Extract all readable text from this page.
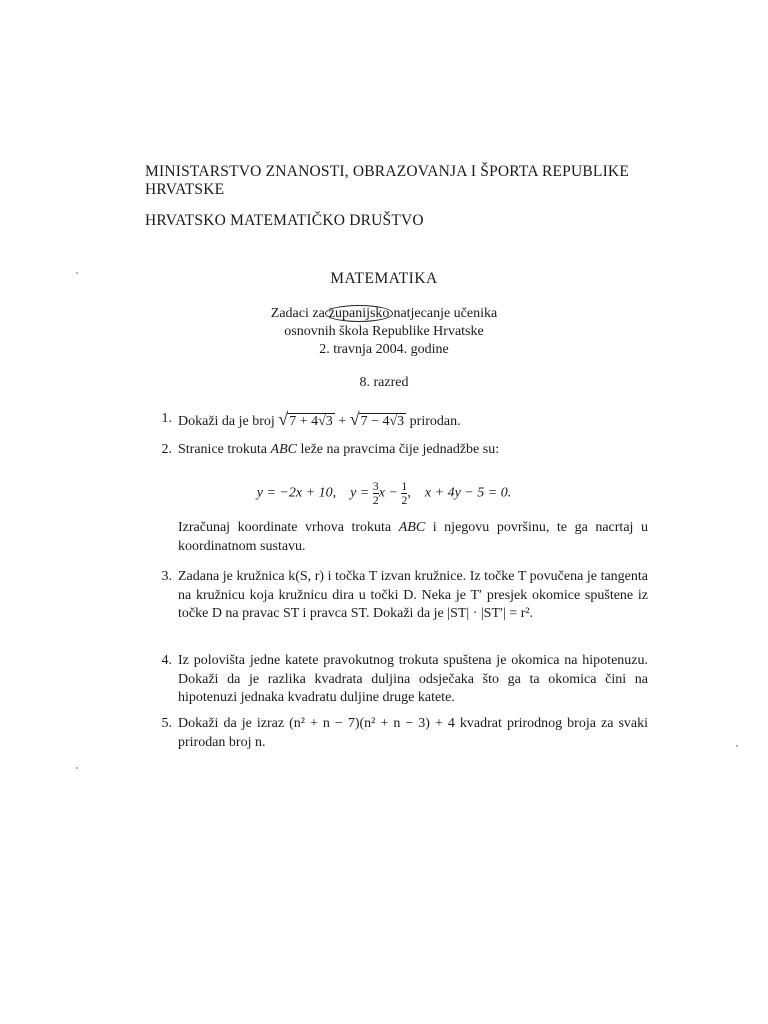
MINISTARSTVO ZNANOSTI, OBRAZOVANJA I ŠPORTA REPUBLIKE HRVATSKE
HRVATSKO MATEMATIČKO DRUŠTVO
MATEMATIKA
Zadaci za županijsko natjecanje učenika
osnovnih škola Republike Hrvatske
2. travnja 2004. godine
8. razred
1. Dokaži da je broj √7 + 4√3 + √7 − 4√3 prirodan.
2. Stranice trokuta ABC leže na pravcima čije jednadžbe su:
y = −2x + 10, $y = \frac{3}{2}$ $x - \frac{1}{2}$ , x + 4y − 5 = 0.
Izračunaj koordinate vrhova trokuta ABC i njegovu površinu, te ga nacrtaj u koordinatnom sustavu.
3. Zadana je kružnica k(S, r) i točka T izvan kružnice. Iz točke T povučena je tangenta na kružnicu koja kružnicu dira u točki D. Neka je T′ presjek okomice spuštene iz točke D na pravac ST i pravca ST. Dokaži da je |ST| · |ST′| = r².
4. Iz polovišta jedne katete pravokutnog trokuta spuštena je okomica na hipotenuzu. Dokaži da je razlika kvadrata duljina odsječaka što ga ta okomica čini na hipotenuzi jednaka kvadratu duljine druge katete.
5. Dokaži da je izraz (n² + n − 7)(n² + n − 3) + 4 kvadrat prirodnog broja za svaki prirodan broj n.
